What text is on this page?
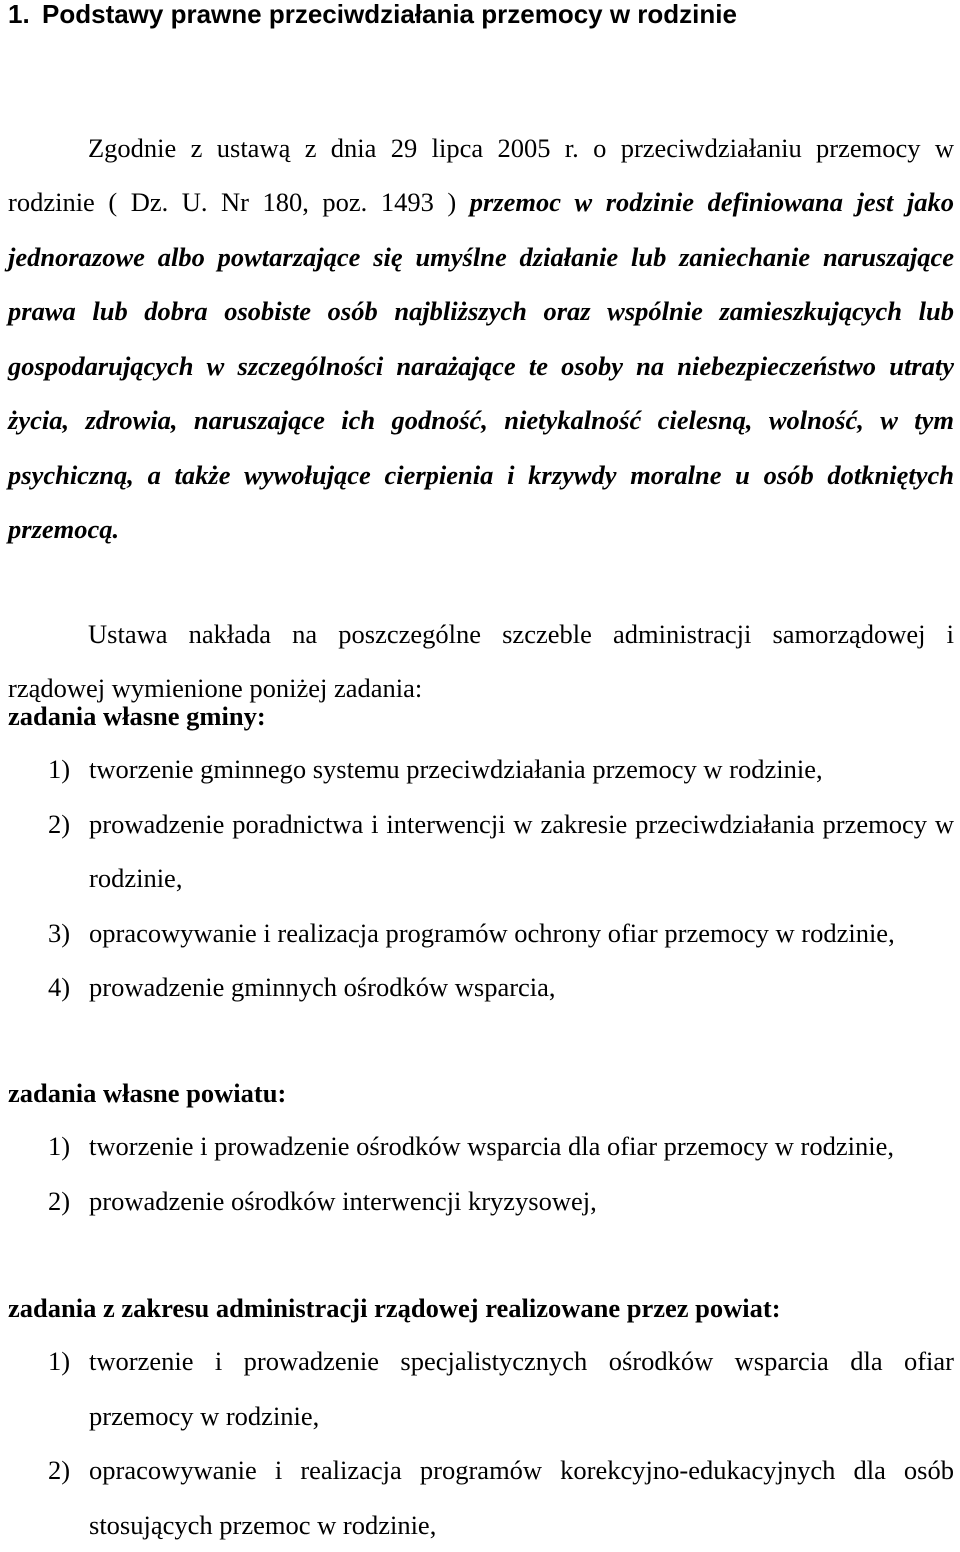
1. Podstawy prawne przeciwdziałania przemocy w rodzinie

Zgodnie z ustawą z dnia 29 lipca 2005 r. o przeciwdziałaniu przemocy w rodzinie ( Dz. U. Nr 180, poz. 1493 ) przemoc w rodzinie definiowana jest jako jednorazowe albo powtarzające się umyślne działanie lub zaniechanie naruszające prawa lub dobra osobiste osób najbliższych oraz wspólnie zamieszkujących lub gospodarujących w szczególności narażające te osoby na niebezpieczeństwo utraty życia, zdrowia, naruszające ich godność, nietykalność cielesną, wolność, w tym psychiczną, a także wywołujące cierpienia i krzywdy moralne u osób dotkniętych przemocą.

Ustawa nakłada na poszczególne szczeble administracji samorządowej i rządowej wymienione poniżej zadania:

zadania własne gminy:
1) tworzenie gminnego systemu przeciwdziałania przemocy w rodzinie,
2) prowadzenie poradnictwa i interwencji w zakresie przeciwdziałania przemocy w rodzinie,
3) opracowywanie i realizacja programów ochrony ofiar przemocy w rodzinie,
4) prowadzenie gminnych ośrodków wsparcia,
zadania własne powiatu:
1) tworzenie i prowadzenie ośrodków wsparcia dla ofiar przemocy w rodzinie,
2) prowadzenie ośrodków interwencji kryzysowej,
zadania z zakresu administracji rządowej realizowane przez powiat:
1) tworzenie i prowadzenie specjalistycznych ośrodków wsparcia dla ofiar przemocy w rodzinie,
2) opracowywanie i realizacja programów korekcyjno-edukacyjnych dla osób stosujących przemoc w rodzinie,
